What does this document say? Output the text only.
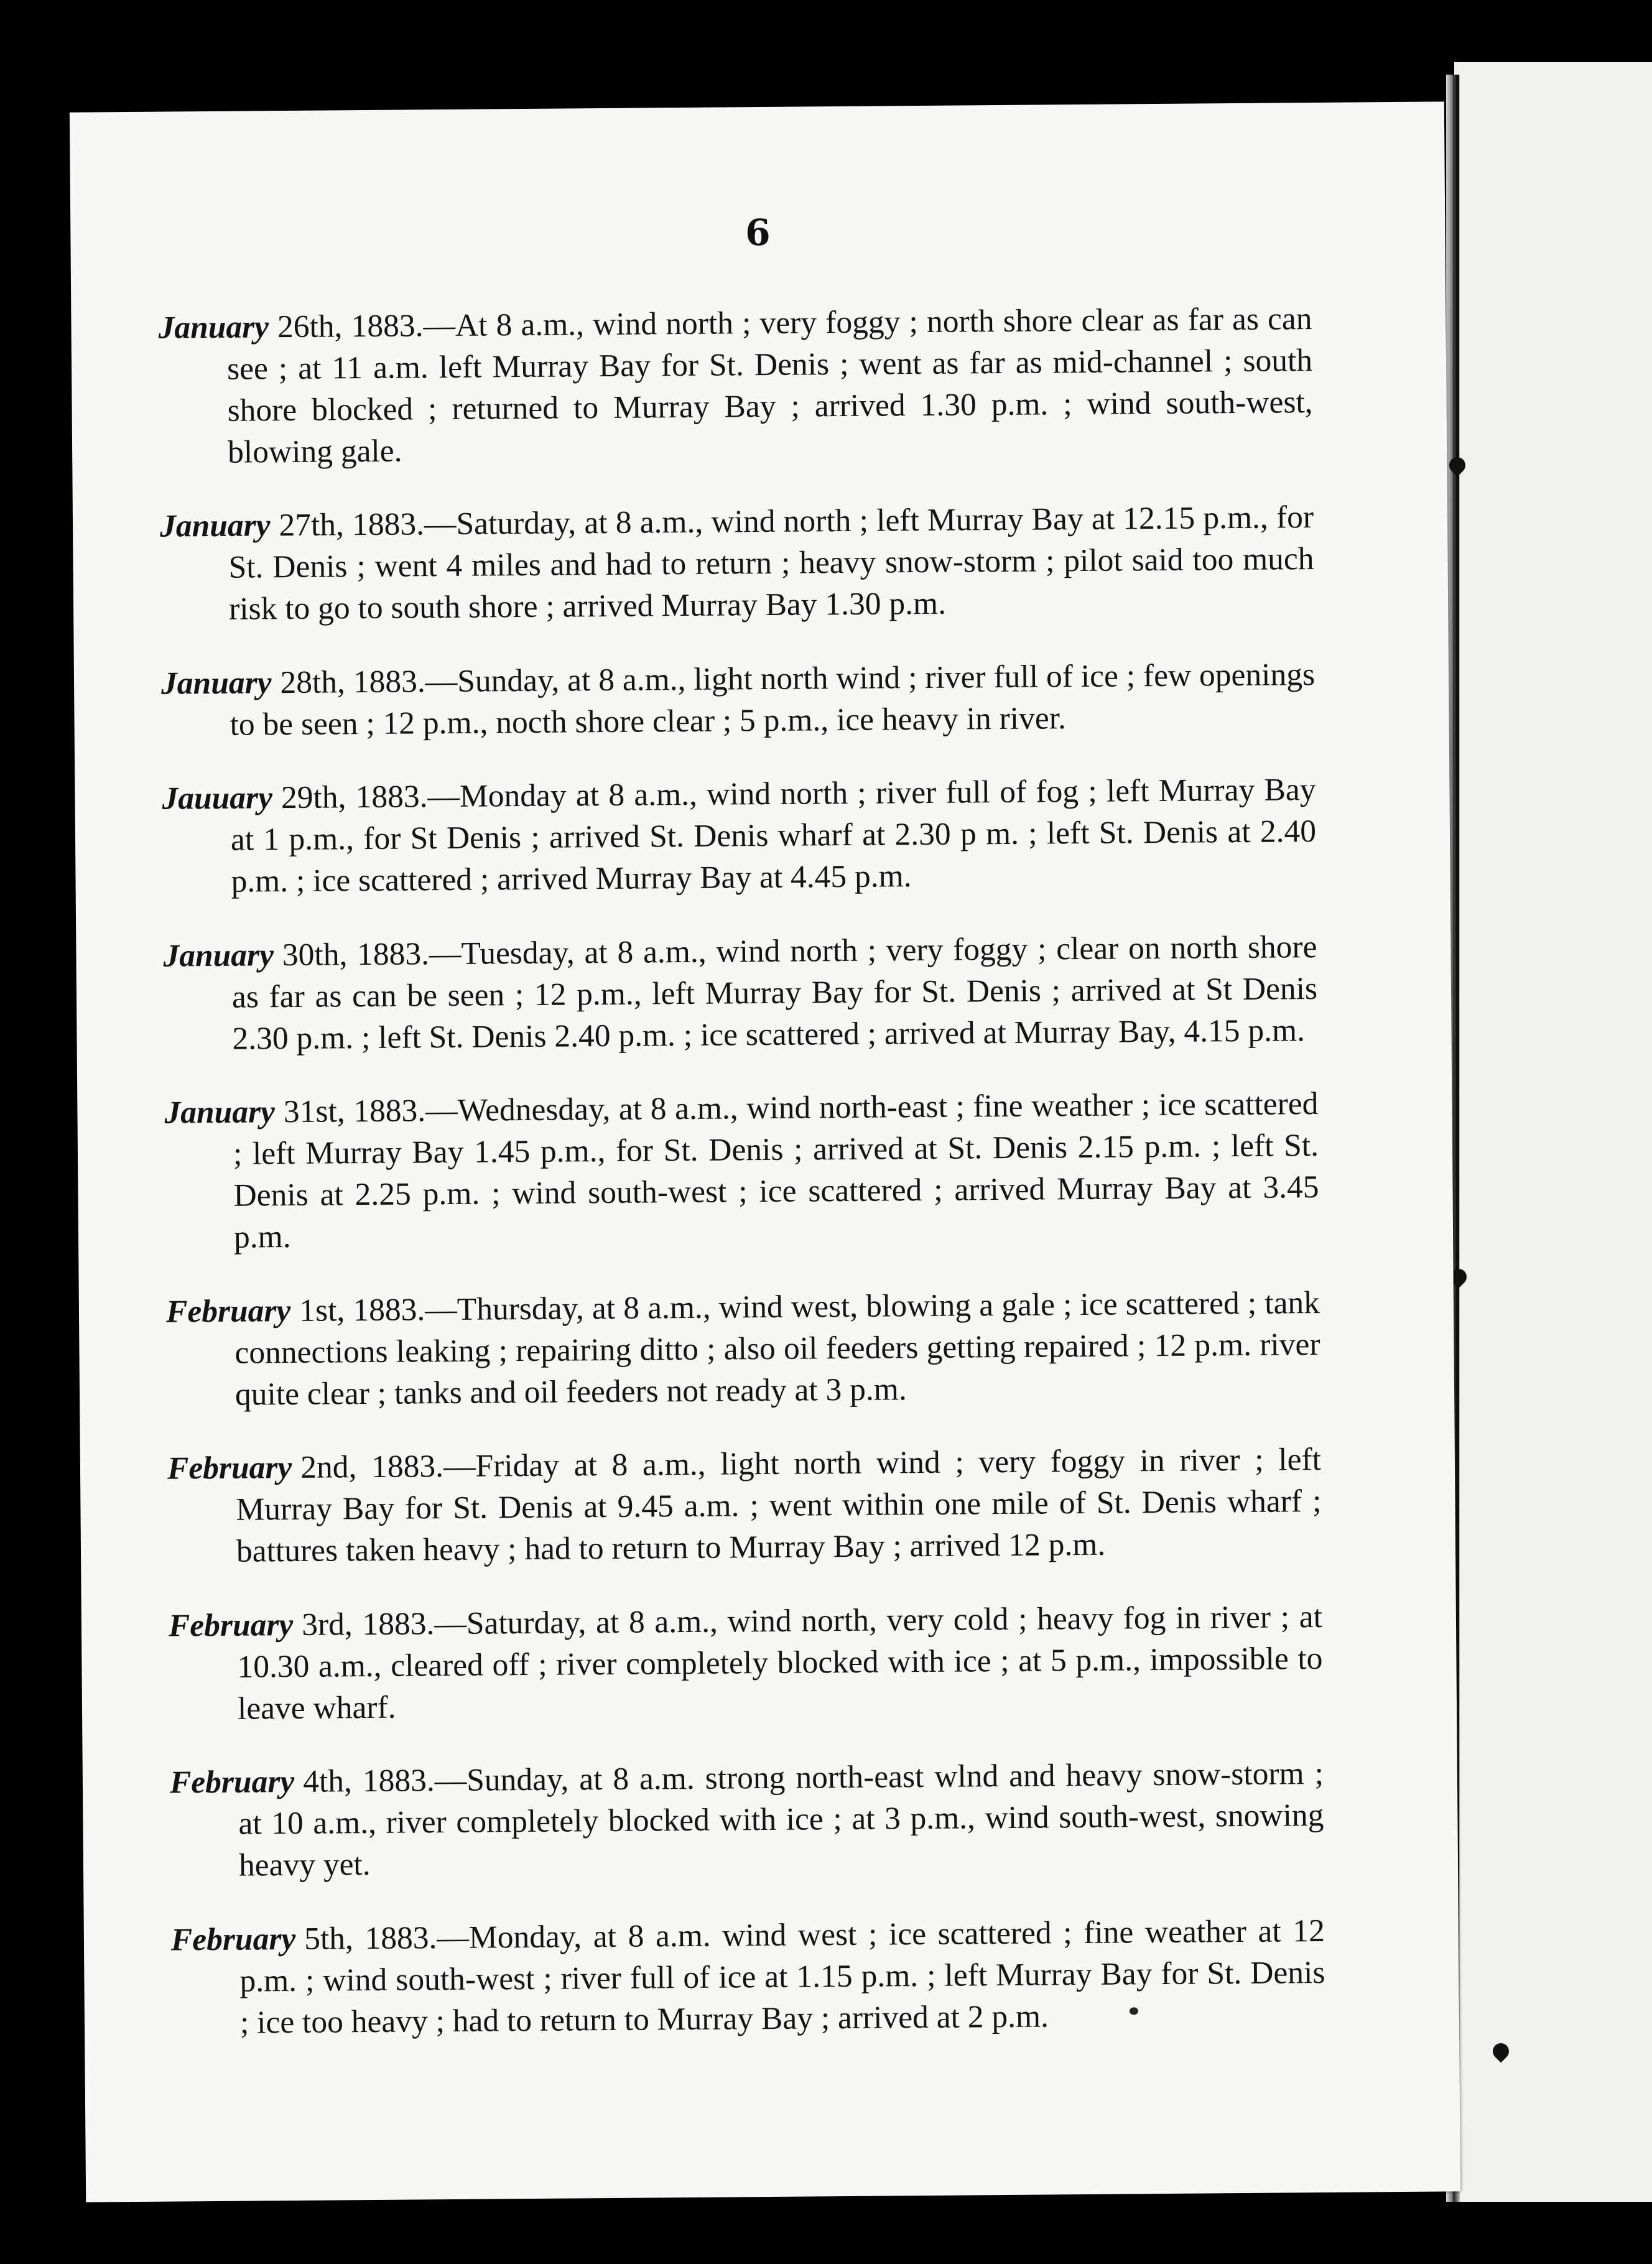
6

January 26th, 1883.—At 8 a.m., wind north ; very foggy ; north shore clear as far as can see ; at 11 a.m. left Murray Bay for St. Denis ; went as far as mid-channel ; south shore blocked ; returned to Murray Bay ; arrived 1.30 p.m. ; wind south-west, blowing gale.

January 27th, 1883.—Saturday, at 8 a.m., wind north ; left Murray Bay at 12.15 p.m., for St. Denis ; went 4 miles and had to return ; heavy snow-storm ; pilot said too much risk to go to south shore ; arrived Murray Bay 1.30 p.m.

January 28th, 1883.—Sunday, at 8 a.m., light north wind ; river full of ice ; few openings to be seen ; 12 p.m., nocth shore clear ; 5 p.m., ice heavy in river.

Jauuary 29th, 1883.—Monday at 8 a.m., wind north ; river full of fog ; left Murray Bay at 1 p.m., for St Denis ; arrived St. Denis wharf at 2.30 p m. ; left St. Denis at 2.40 p.m. ; ice scattered ; arrived Murray Bay at 4.45 p.m.

January 30th, 1883.—Tuesday, at 8 a.m., wind north ; very foggy ; clear on north shore as far as can be seen ; 12 p.m., left Murray Bay for St. Denis ; arrived at St Denis 2.30 p.m. ; left St. Denis 2.40 p.m. ; ice scattered ; arrived at Murray Bay, 4.15 p.m.

January 31st, 1883.—Wednesday, at 8 a.m., wind north-east ; fine weather ; ice scattered ; left Murray Bay 1.45 p.m., for St. Denis ; arrived at St. Denis 2.15 p.m. ; left St. Denis at 2.25 p.m. ; wind south-west ; ice scattered ; arrived Murray Bay at 3.45 p.m.

February 1st, 1883.—Thursday, at 8 a.m., wind west, blowing a gale ; ice scattered ; tank connections leaking ; repairing ditto ; also oil feeders getting repaired ; 12 p.m. river quite clear ; tanks and oil feeders not ready at 3 p.m.

February 2nd, 1883.—Friday at 8 a.m., light north wind ; very foggy in river ; left Murray Bay for St. Denis at 9.45 a.m. ; went within one mile of St. Denis wharf ; battures taken heavy ; had to return to Murray Bay ; arrived 12 p.m.

February 3rd, 1883.—Saturday, at 8 a.m., wind north, very cold ; heavy fog in river ; at 10.30 a.m., cleared off ; river completely blocked with ice ; at 5 p.m., impossible to leave wharf.

February 4th, 1883.—Sunday, at 8 a.m. strong north-east wlnd and heavy snow-storm ; at 10 a.m., river completely blocked with ice ; at 3 p.m., wind south-west, snowing heavy yet.

February 5th, 1883.—Monday, at 8 a.m. wind west ; ice scattered ; fine weather at 12 p.m. ; wind south-west ; river full of ice at 1.15 p.m. ; left Murray Bay for St. Denis ; ice too heavy ; had to return to Murray Bay ; arrived at 2 p.m.
